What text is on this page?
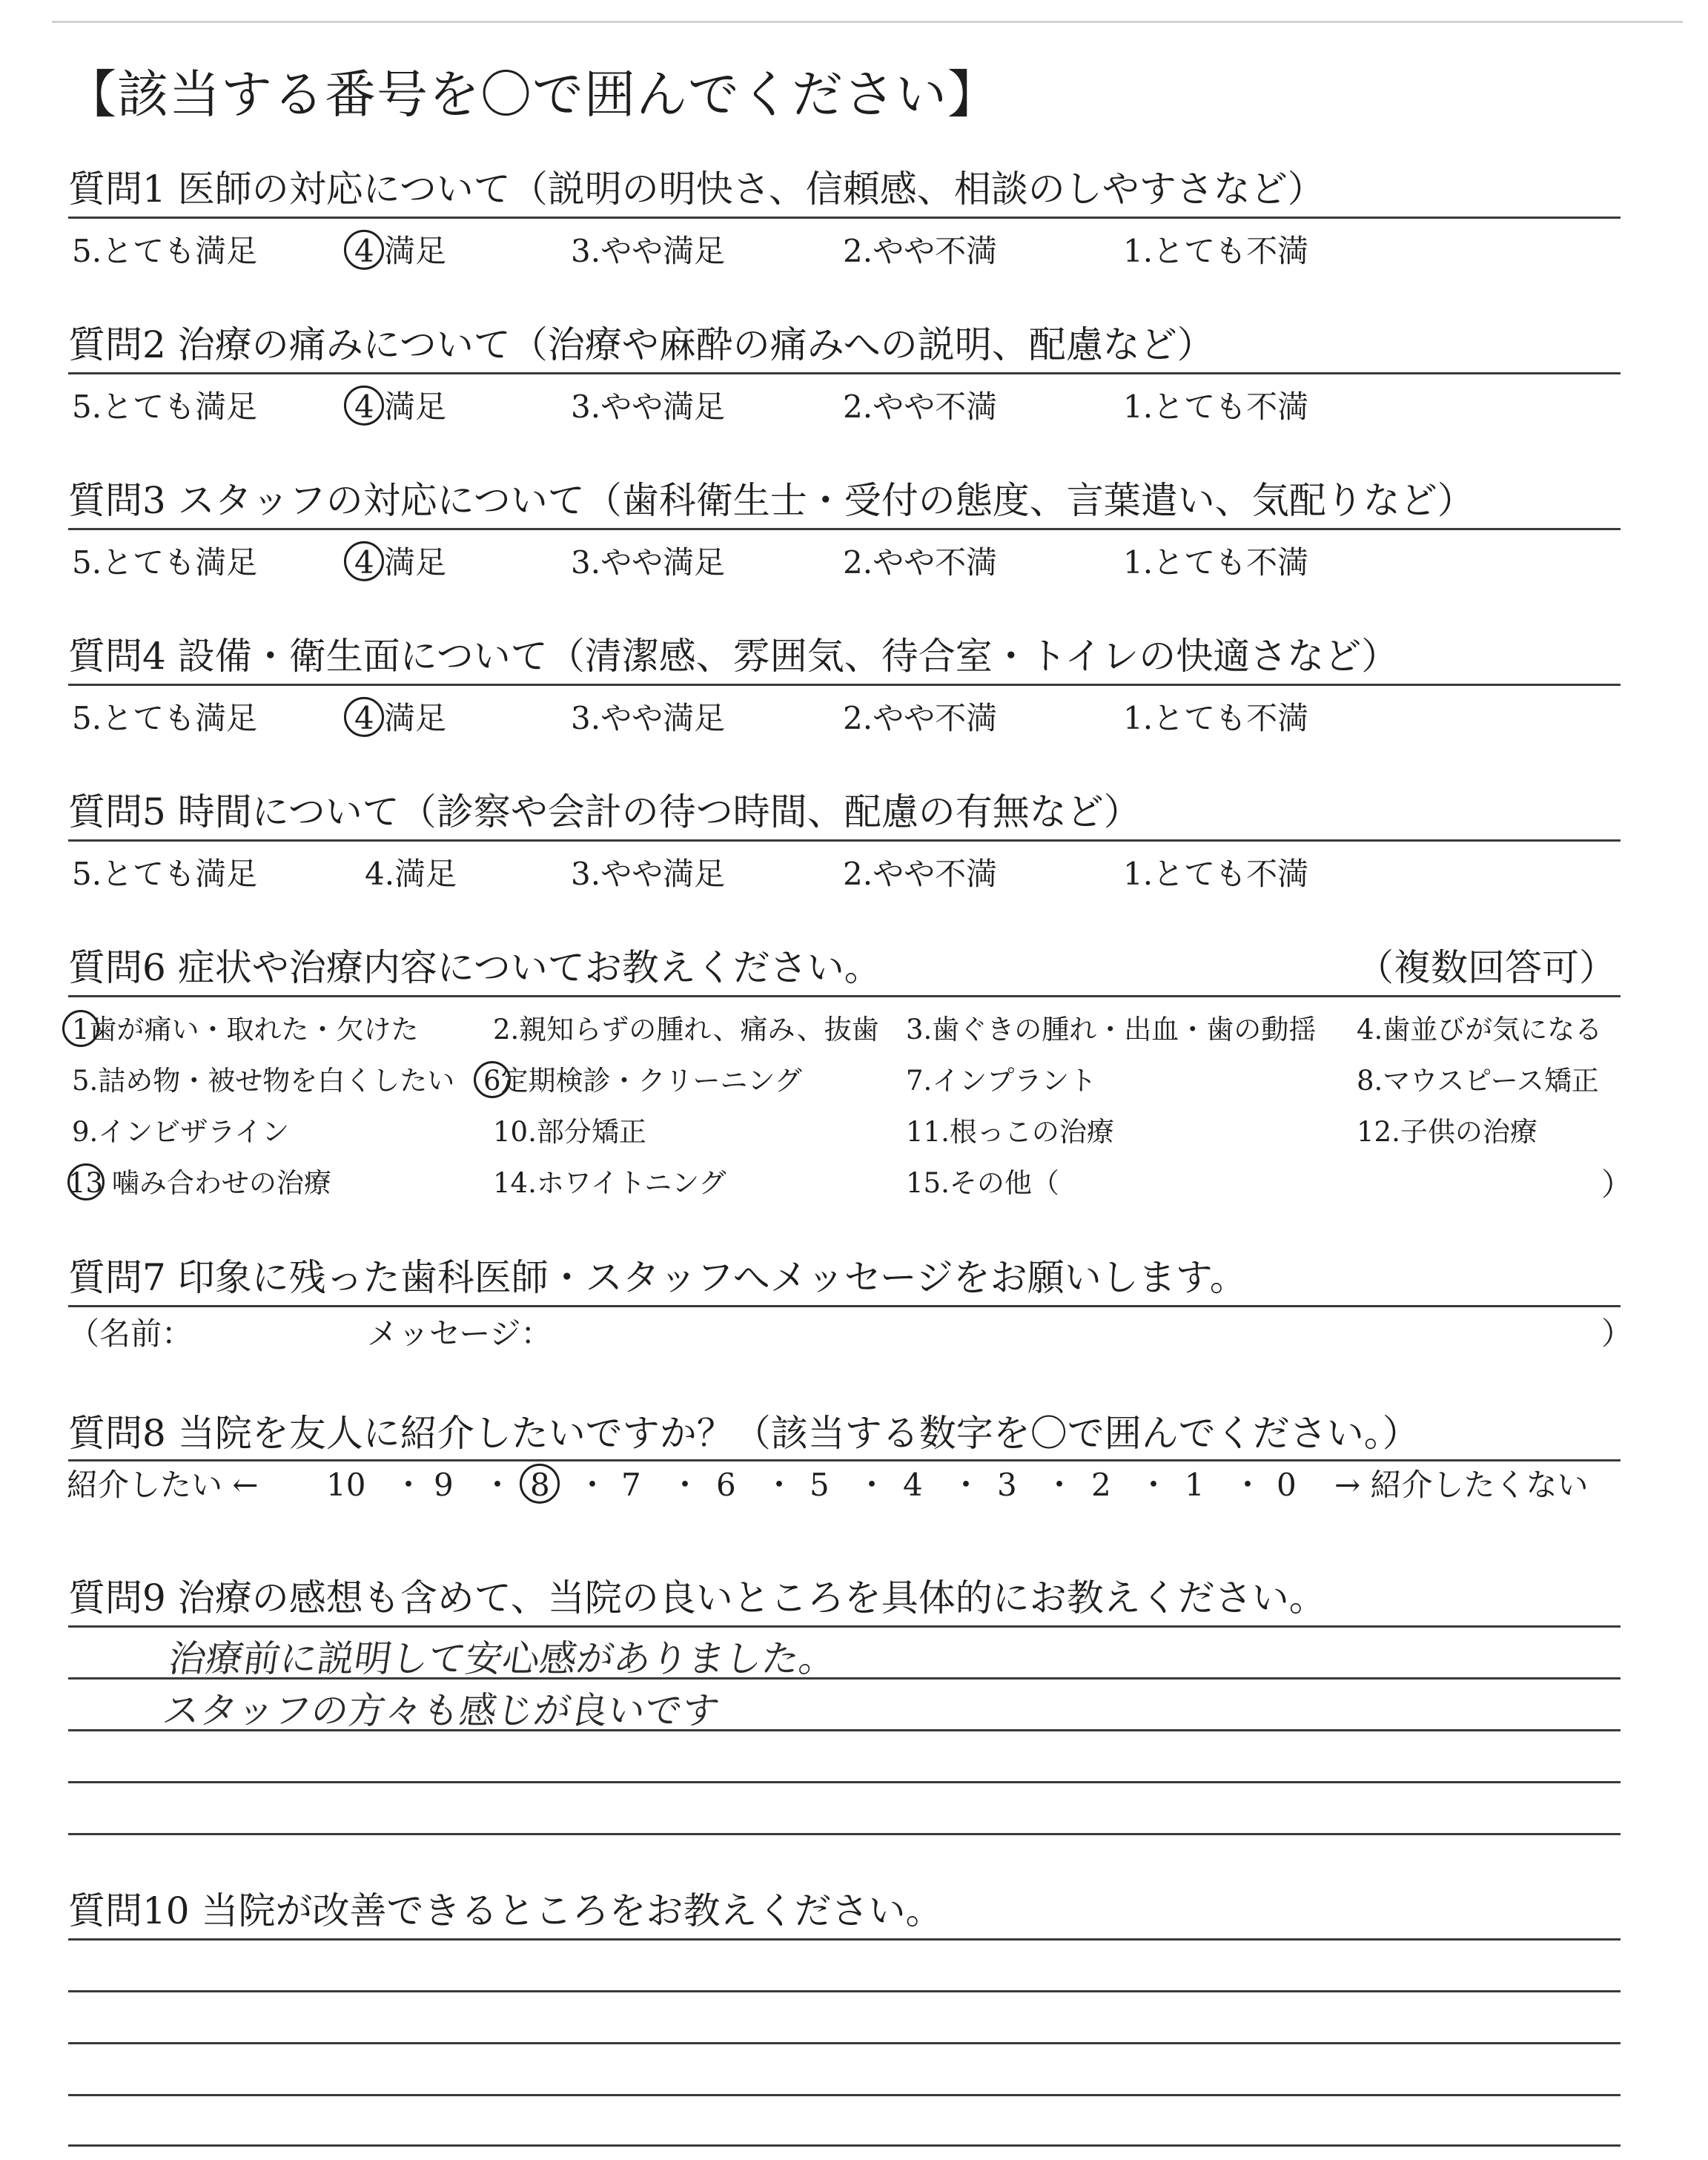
【該当する番号を〇で囲んでください】
質問1 医師の対応について（説明の明快さ、信頼感、相談のしやすさなど）
5.とても満足	4 満足	3.やや満足	2.やや不満	1.とても不満
質問2 治療の痛みについて（治療や麻酔の痛みへの説明、配慮など）
5.とても満足	4 満足	3.やや満足	2.やや不満	1.とても不満
質問3 スタッフの対応について（歯科衛生士・受付の態度、言葉遣い、気配りなど）
5.とても満足	4 満足	3.やや満足	2.やや不満	1.とても不満
質問4 設備・衛生面について（清潔感、雰囲気、待合室・トイレの快適さなど）
5.とても満足	4 満足	3.やや満足	2.やや不満	1.とても不満
質問5 時間について（診察や会計の待つ時間、配慮の有無など）
5.とても満足	4.満足	3.やや満足	2.やや不満	1.とても不満
質問6 症状や治療内容についてお教えください。	（複数回答可）
1歯が痛い・取れた・欠けた	2.親知らずの腫れ、痛み、抜歯 3.歯ぐきの腫れ・出血・歯の動揺 4.歯並びが気になる
5.詰め物・被せ物を白くしたい 6定期検診・クリーニング	7.インプラント	8.マウスピース矯正
9.インビザライン	10.部分矯正	11.根っこの治療	12.子供の治療
13 噛み合わせの治療	14.ホワイトニング	15.その他（	）
質問7 印象に残った歯科医師・スタッフへメッセージをお願いします。
（名前：	メッセージ：	）
質問8 当院を友人に紹介したいですか？（該当する数字を〇で囲んでください。）
紹介したい ← 10 ・ 9 ・ 8 ・ 7 ・ 6 ・ 5 ・ 4 ・ 3 ・ 2 ・ 1 ・ 0 → 紹介したくない
質問9 治療の感想も含めて、当院の良いところを具体的にお教えください。
治療前に説明して安心感がありました。
スタッフの方々も感じが良いです
質問10 当院が改善できるところをお教えください。
